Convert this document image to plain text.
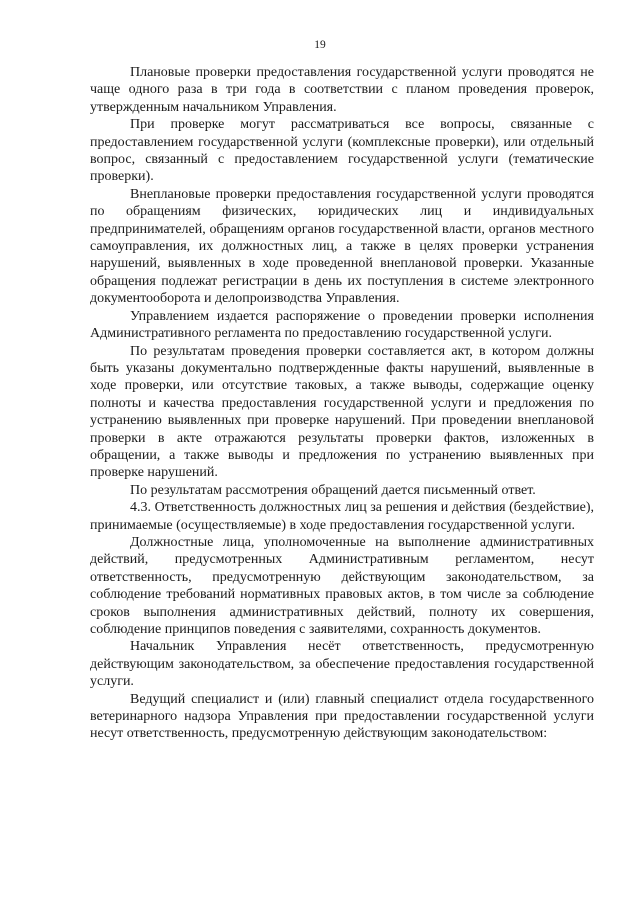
19

Плановые проверки предоставления государственной услуги проводятся не чаще одного раза в три года в соответствии с планом проведения проверок, утвержденным начальником Управления.

При проверке могут рассматриваться все вопросы, связанные с предоставлением государственной услуги (комплексные проверки), или отдельный вопрос, связанный с предоставлением государственной услуги (тематические проверки).

Внеплановые проверки предоставления государственной услуги проводятся по обращениям физических, юридических лиц и индивидуальных предпринимателей, обращениям органов государственной власти, органов местного самоуправления, их должностных лиц, а также в целях проверки устранения нарушений, выявленных в ходе проведенной внеплановой проверки. Указанные обращения подлежат регистрации в день их поступления в системе электронного документооборота и делопроизводства Управления.

Управлением издается распоряжение о проведении проверки исполнения Административного регламента по предоставлению государственной услуги.

По результатам проведения проверки составляется акт, в котором должны быть указаны документально подтвержденные факты нарушений, выявленные в ходе проверки, или отсутствие таковых, а также выводы, содержащие оценку полноты и качества предоставления государственной услуги и предложения по устранению выявленных при проверке нарушений. При проведении внеплановой проверки в акте отражаются результаты проверки фактов, изложенных в обращении, а также выводы и предложения по устранению выявленных при проверке нарушений.

По результатам рассмотрения обращений дается письменный ответ.

4.3. Ответственность должностных лиц за решения и действия (бездействие), принимаемые (осуществляемые) в ходе предоставления государственной услуги.

Должностные лица, уполномоченные на выполнение административных действий, предусмотренных Административным регламентом, несут ответственность, предусмотренную действующим законодательством, за соблюдение требований нормативных правовых актов, в том числе за соблюдение сроков выполнения административных действий, полноту их совершения, соблюдение принципов поведения с заявителями, сохранность документов.

Начальник Управления несёт ответственность, предусмотренную действующим законодательством, за обеспечение предоставления государственной услуги.

Ведущий специалист и (или) главный специалист отдела государственного ветеринарного надзора Управления при предоставлении государственной услуги несут ответственность, предусмотренную действующим законодательством:
